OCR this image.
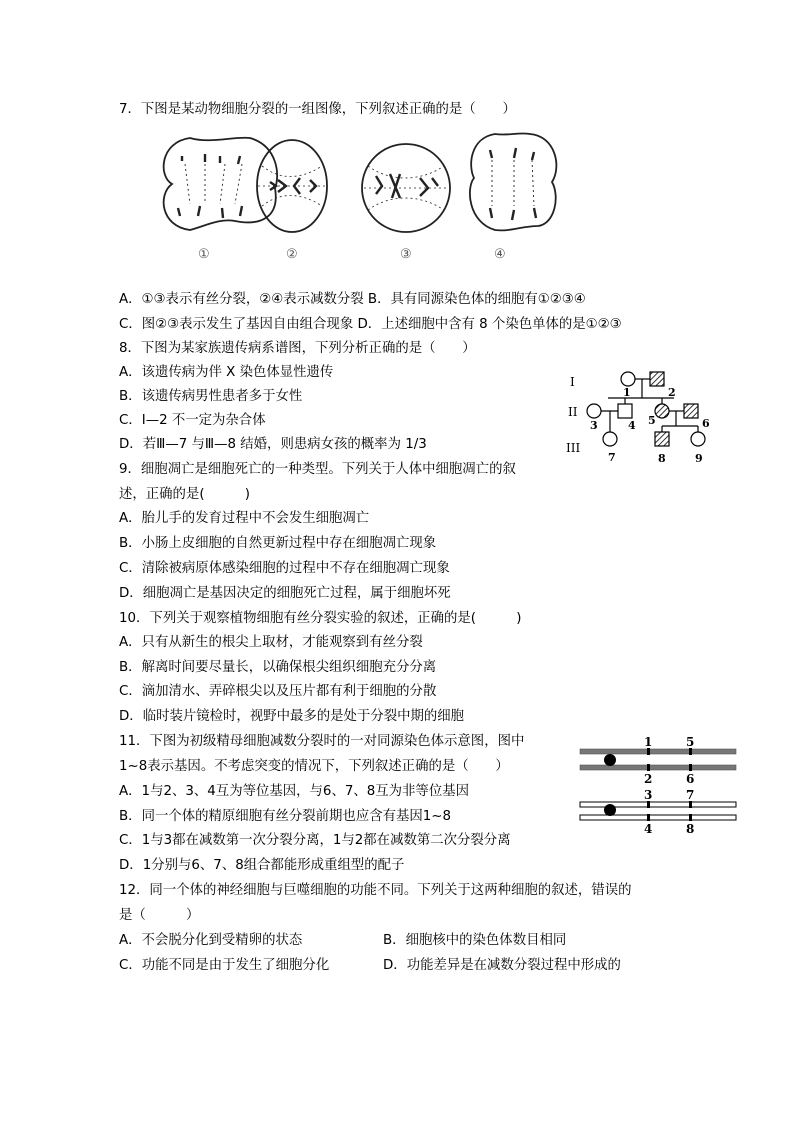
7．下图是某动物细胞分裂的一组图像，下列叙述正确的是（　　）
①	②	③	④
A．①③表示有丝分裂，②④表示减数分裂 B．具有同源染色体的细胞有①②③④
C．图②③表示发生了基因自由组合现象 D．上述细胞中含有 8 个染色单体的是①②③
8．下图为某家族遗传病系谱图，下列分析正确的是（　　）
A．该遗传病为伴 X 染色体显性遗传
B．该遗传病男性患者多于女性
C．Ⅰ—2 不一定为杂合体
D．若Ⅲ—7 与Ⅲ—8 结婚，则患病女孩的概率为 1/3
I
II
III
1	2
3	4 5	6
7	8	9
9．细胞凋亡是细胞死亡的一种类型。下列关于人体中细胞凋亡的叙
述，正确的是(　　　)
A．胎儿手的发育过程中不会发生细胞凋亡
B．小肠上皮细胞的自然更新过程中存在细胞凋亡现象
C．清除被病原体感染细胞的过程中不存在细胞凋亡现象
D．细胞凋亡是基因决定的细胞死亡过程，属于细胞坏死
10．下列关于观察植物细胞有丝分裂实验的叙述，正确的是(　　　)
A．只有从新生的根尖上取材，才能观察到有丝分裂
B．解离时间要尽量长，以确保根尖组织细胞充分分离
C．滴加清水、弄碎根尖以及压片都有利于细胞的分散
D．临时装片镜检时，视野中最多的是处于分裂中期的细胞
11．下图为初级精母细胞减数分裂时的一对同源染色体示意图，图中
1~8表示基因。不考虑突变的情况下，下列叙述正确的是（　　）
A．1与2、3、4互为等位基因，与6、7、8互为非等位基因
B．同一个体的精原细胞有丝分裂前期也应含有基因1~8
C．1与3都在减数第一次分裂分离，1与2都在减数第二次分裂分离
D．1分别与6、7、8组合都能形成重组型的配子
1	5
2	6
3	7
4	8
12．同一个体的神经细胞与巨噬细胞的功能不同。下列关于这两种细胞的叙述，错误的
是（　　　）
A．不会脱分化到受精卵的状态	B．细胞核中的染色体数目相同
C．功能不同是由于发生了细胞分化	D．功能差异是在减数分裂过程中形成的
